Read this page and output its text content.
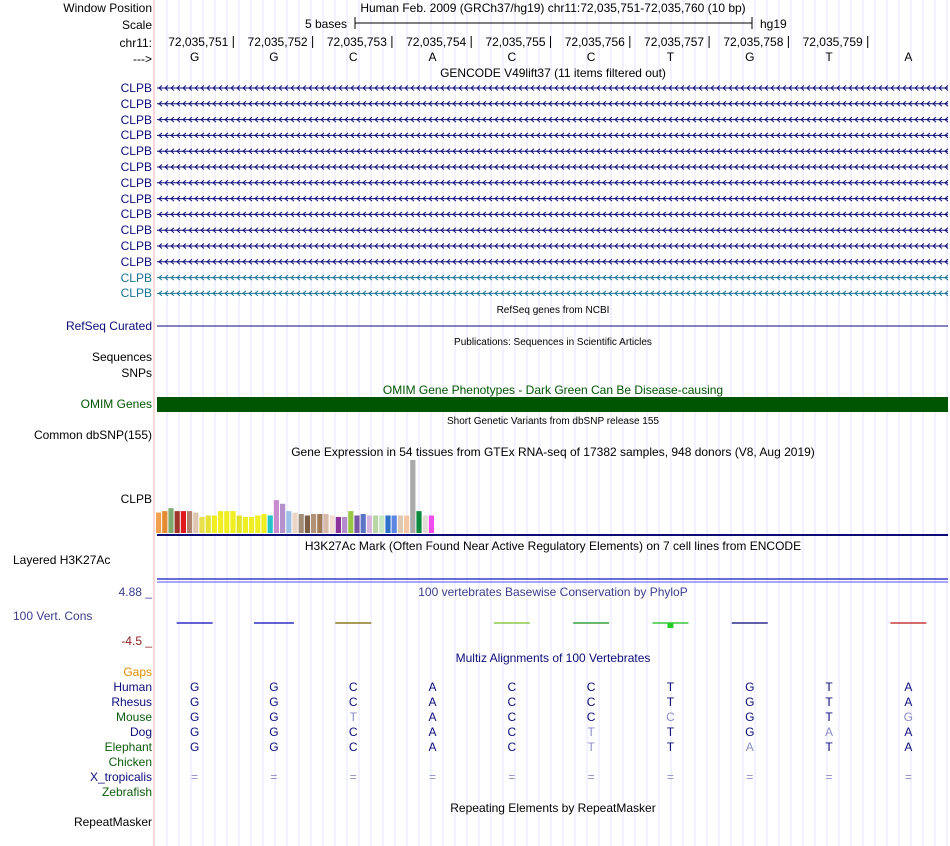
Window Position	Human Feb. 2009 (GRCh37/hg19) chr11:72,035,751-72,035,760 (10 bp)
Scale	5 bases	hg19
chr11:
--->
72,035,751	72,035,752	72,035,753	72,035,754	72,035,755	72,035,756	72,035,757	72,035,758	72,035,759
G	G	C	A	C	C	T	G	T	A
GENCODE V49lift37 (11 items filtered out)
CLPB
CLPB
CLPB
CLPB
CLPB
CLPB
CLPB
CLPB
CLPB
CLPB
CLPB
CLPB
CLPB
CLPB
RefSeq genes from NCBI
RefSeq Curated
Publications: Sequences in Scientific Articles
Sequences
SNPs
OMIM Gene Phenotypes - Dark Green Can Be Disease-causing
OMIM Genes
Short Genetic Variants from dbSNP release 155
Common dbSNP(155)
Gene Expression in 54 tissues from GTEx RNA-seq of 17382 samples, 948 donors (V8, Aug 2019)
CLPB
H3K27Ac Mark (Often Found Near Active Regulatory Elements) on 7 cell lines from ENCODE
Layered H3K27Ac
100 vertebrates Basewise Conservation by PhyloP
4.88 _
100 Vert. Cons
-4.5 _
Multiz Alignments of 100 Vertebrates
Gaps
Human	G	G	C	A	C	C	T	G	T	A
Rhesus	G	G	C	A	C	C	T	G	T	A
Mouse	G	G	T	A	C	C	C	G	T	G
Dog	G	G	C	A	C	T	T	G	A	A
Elephant	G	G	C	A	C	T	T	A	T	A
Chicken
X_tropicalis	=	=	=	=	=	=	=	=	=	=
Zebrafish
Repeating Elements by RepeatMasker
RepeatMasker
